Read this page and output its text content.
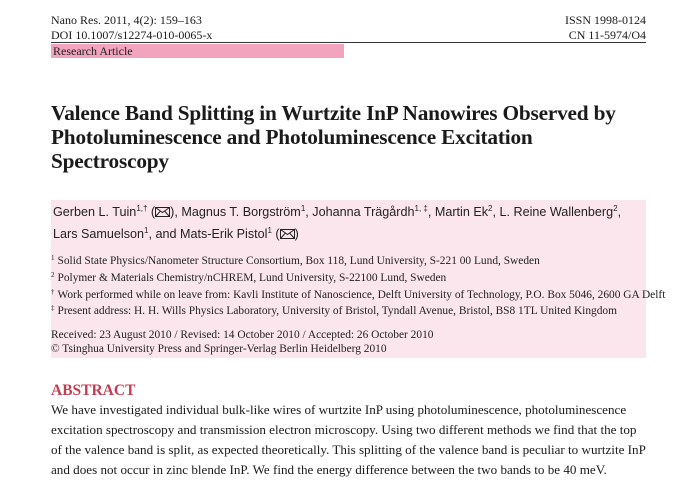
Nano Res. 2011, 4(2): 159–163
DOI 10.1007/s12274-010-0065-x
ISSN 1998-0124
CN 11-5974/O4
Research Article
Valence Band Splitting in Wurtzite InP Nanowires Observed by Photoluminescence and Photoluminescence Excitation Spectroscopy
Gerben L. Tuin$^{1,\dagger}$ ( ), Magnus T. Borgström$^1$, Johanna Trägårdh$^{1, \ddagger}$, Martin Ek$^2$, L. Reine Wallenberg$^2$, Lars Samuelson$^1$, and Mats-Erik Pistol$^1$ ( )
$^1$ Solid State Physics/Nanometer Structure Consortium, Box 118, Lund University, S-221 00 Lund, Sweden
$^2$ Polymer & Materials Chemistry/nCHREM, Lund University, S-22100 Lund, Sweden
† Work performed while on leave from: Kavli Institute of Nanoscience, Delft University of Technology, P.O. Box 5046, 2600 GA Delft
‡ Present address: H. H. Wills Physics Laboratory, University of Bristol, Tyndall Avenue, Bristol, BS8 1TL United Kingdom
Received: 23 August 2010 / Revised: 14 October 2010 / Accepted: 26 October 2010
© Tsinghua University Press and Springer-Verlag Berlin Heidelberg 2010
ABSTRACT
We have investigated individual bulk-like wires of wurtzite InP using photoluminescence, photoluminescence
excitation spectroscopy and transmission electron microscopy. Using two different methods we find that the top
of the valence band is split, as expected theoretically. This splitting of the valence band is peculiar to wurtzite InP
and does not occur in zinc blende InP. We find the energy difference between the two bands to be 40 meV.
